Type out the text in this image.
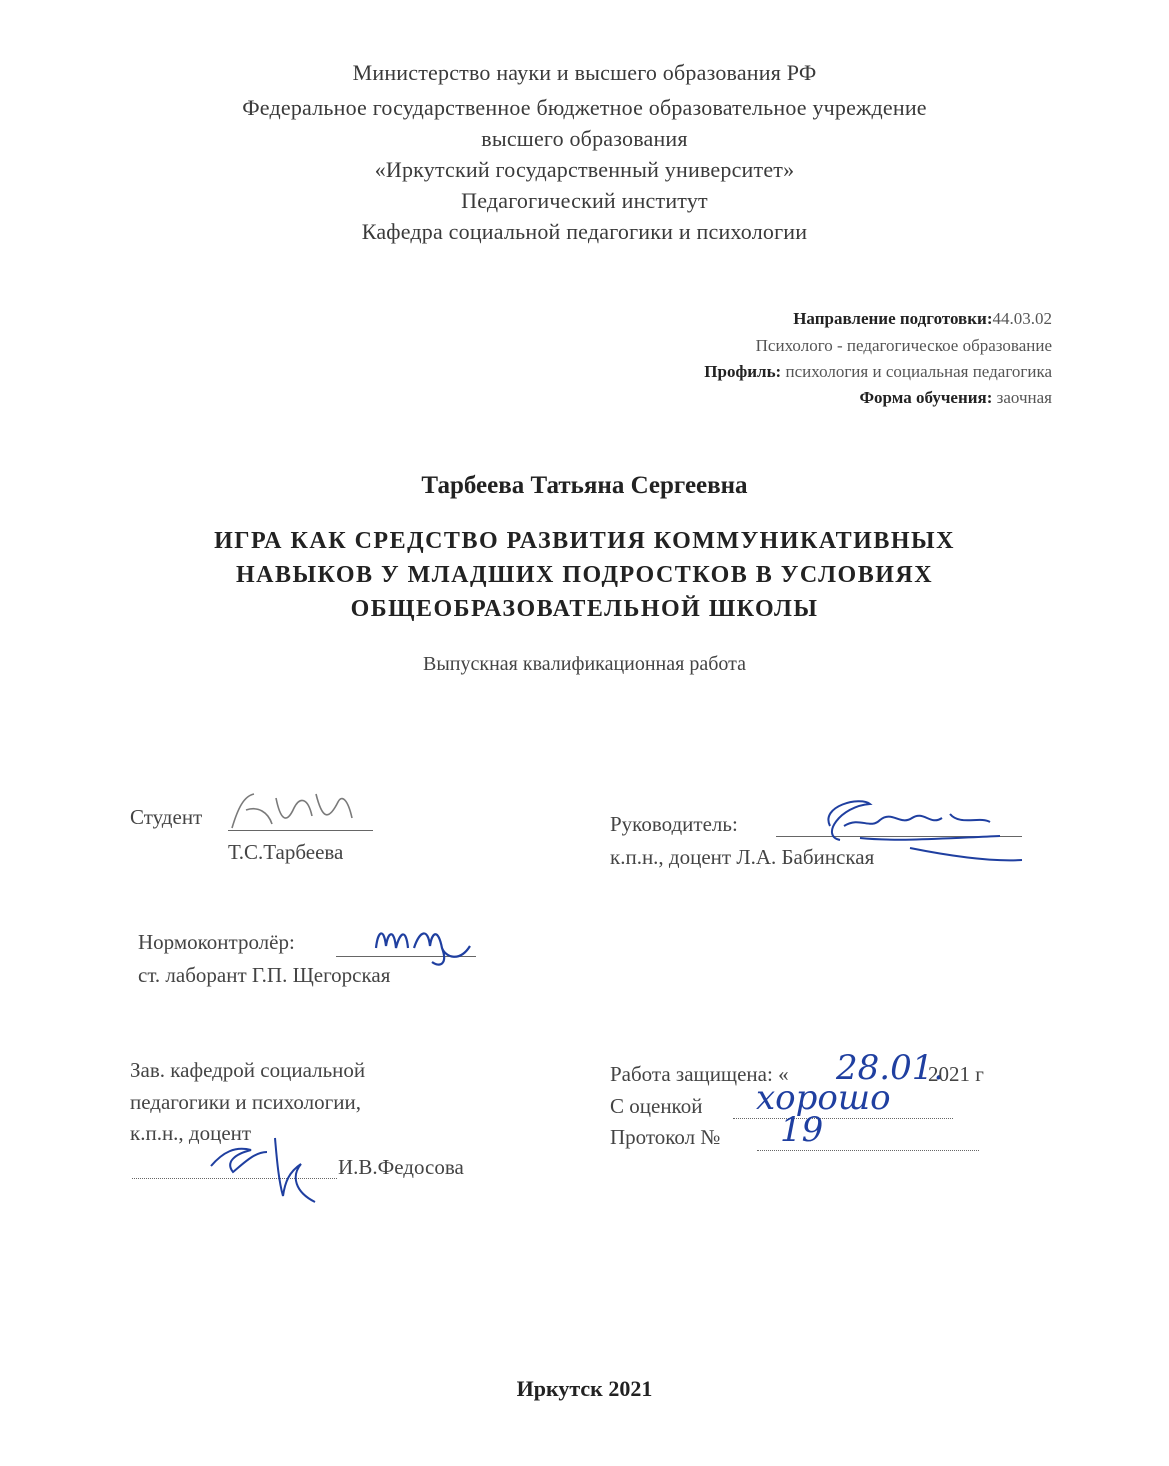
Министерство науки и высшего образования РФ
Федеральное государственное бюджетное образовательное учреждение
высшего образования
«Иркутский государственный университет»
Педагогический институт
Кафедра социальной педагогики и психологии
Направление подготовки:44.03.02
Психолого - педагогическое образование
Профиль: психология и социальная педагогика
Форма обучения: заочная
Тарбеева Татьяна Сергеевна
ИГРА КАК СРЕДСТВО РАЗВИТИЯ КОММУНИКАТИВНЫХ
НАВЫКОВ У МЛАДШИХ ПОДРОСТКОВ В УСЛОВИЯХ
ОБЩЕОБРАЗОВАТЕЛЬНОЙ ШКОЛЫ
Выпускная квалификационная работа
Студент
Т.С.Тарбеева
Руководитель:
к.п.н., доцент Л.А. Бабинская
Нормоконтролёр:
ст. лаборант Г.П. Щегорская
Зав. кафедрой социальной
педагогики и психологии,
к.п.н., доцент
И.В.Федосова
Работа защищена: « 28.01.
2021 г
С оценкой хорошо
Протокол № 19
Иркутск 2021
